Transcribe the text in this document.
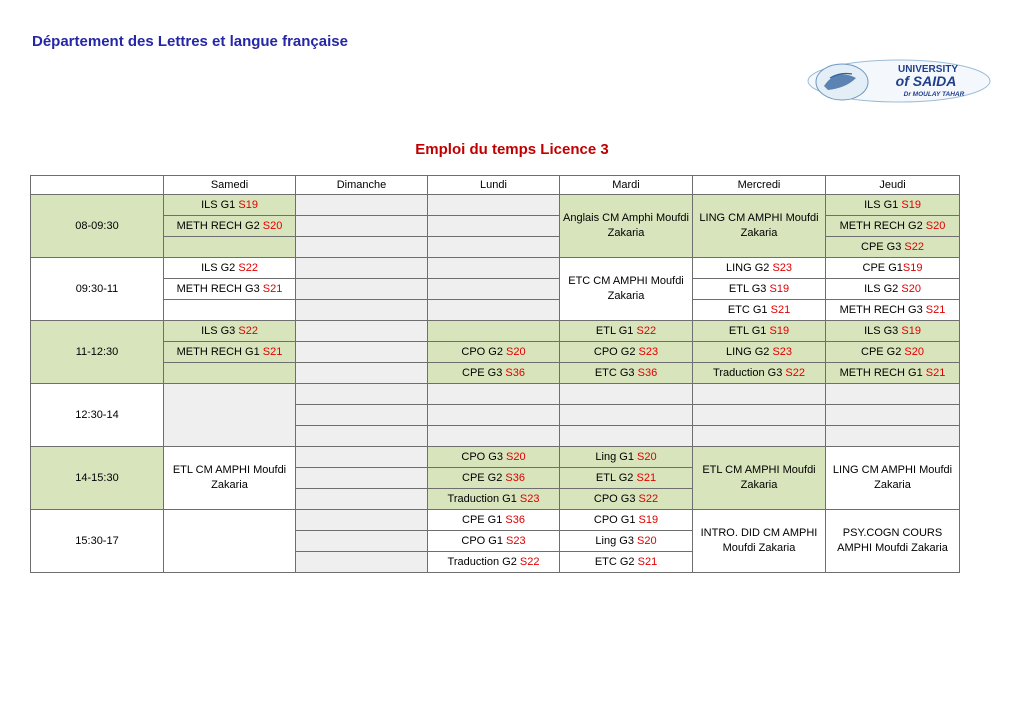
Département des Lettres et langue française
UNIVERSITY
of SAIDA
Dr MOULAY TAHAR
Emploi du temps Licence 3
	Samedi	Dimanche	Lundi	Mardi	Mercredi	Jeudi
08-09:30	ILS G1 S19			Anglais CM Amphi Moufdi Zakaria	LING CM AMPHI Moufdi Zakaria	ILS G1 S19
	METH RECH G2 S20					METH RECH G2 S20
						CPE G3 S22
09:30-11	ILS G2 S22			ETC CM AMPHI Moufdi Zakaria	LING G2 S23	CPE G1S19
	METH RECH G3 S21				ETL G3 S19	ILS G2 S20
					ETC G1 S21	METH RECH G3 S21
11-12:30	ILS G3 S22			ETL G1 S22	ETL G1 S19	ILS G3 S19
	METH RECH G1 S21		CPO G2 S20	CPO G2 S23	LING G2 S23	CPE G2 S20
			CPE G3 S36	ETC G3 S36	Traduction G3 S22	METH RECH G1 S21
12:30-14						

14-15:30	ETL CM AMPHI Moufdi Zakaria		CPO G3 S20	Ling G1 S20	ETL CM AMPHI Moufdi Zakaria	LING CM AMPHI Moufdi Zakaria
			CPE G2 S36	ETL G2 S21		
			Traduction G1 S23	CPO G3 S22		
15:30-17			CPE G1 S36	CPO G1 S19	INTRO. DID CM AMPHI Moufdi Zakaria	PSY.COGN COURS AMPHI Moufdi Zakaria
			CPO G1 S23	Ling G3 S20		
			Traduction G2 S22	ETC G2 S21		
